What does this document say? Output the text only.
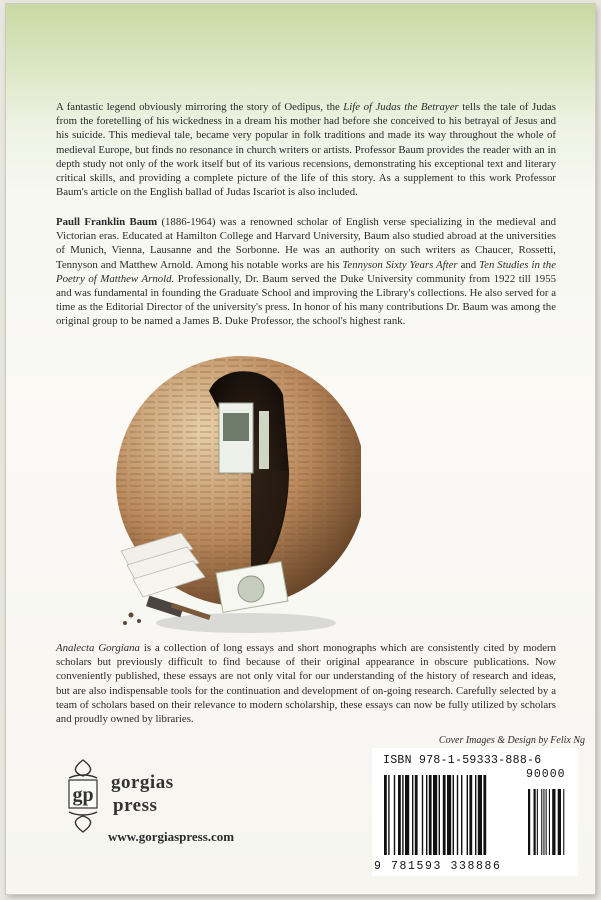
A fantastic legend obviously mirroring the story of Oedipus, the Life of Judas the Betrayer tells the tale of Judas from the foretelling of his wickedness in a dream his mother had before she conceived to his betrayal of Jesus and his suicide. This medieval tale, became very popular in folk traditions and made its way throughout the whole of medieval Europe, but finds no resonance in church writers or artists. Professor Baum provides the reader with an in depth study not only of the work itself but of its various recensions, demonstrating his exceptional text and literary critical skills, and providing a complete picture of the life of this story. As a supplement to this work Professor Baum's article on the English ballad of Judas Iscariot is also included.

Paull Franklin Baum (1886-1964) was a renowned scholar of English verse specializing in the medieval and Victorian eras. Educated at Hamilton College and Harvard University, Baum also studied abroad at the universities of Munich, Vienna, Lausanne and the Sorbonne. He was an authority on such writers as Chaucer, Rossetti, Tennyson and Matthew Arnold. Among his notable works are his Tennyson Sixty Years After and Ten Studies in the Poetry of Matthew Arnold. Professionally, Dr. Baum served the Duke University community from 1922 till 1955 and was fundamental in founding the Graduate School and improving the Library's collections. He also served for a time as the Editorial Director of the university's press. In honor of his many contributions Dr. Baum was among the original group to be named a James B. Duke Professor, the school's highest rank.

Analecta Gorgiana is a collection of long essays and short monographs which are consistently cited by modern scholars but previously difficult to find because of their original appearance in obscure publications. Now conveniently published, these essays are not only vital for our understanding of the history of research and ideas, but are also indispensable tools for the continuation and development of on-going research. Carefully selected by a team of scholars based on their relevance to modern scholarship, these essays can now be fully utilized by scholars and proudly owned by libraries.

Cover Images & Design by Felix Ng
gp
gorgias
press
www.gorgiaspress.com
ISBN 978-1-59333-888-6
90000
9 781593 338886
